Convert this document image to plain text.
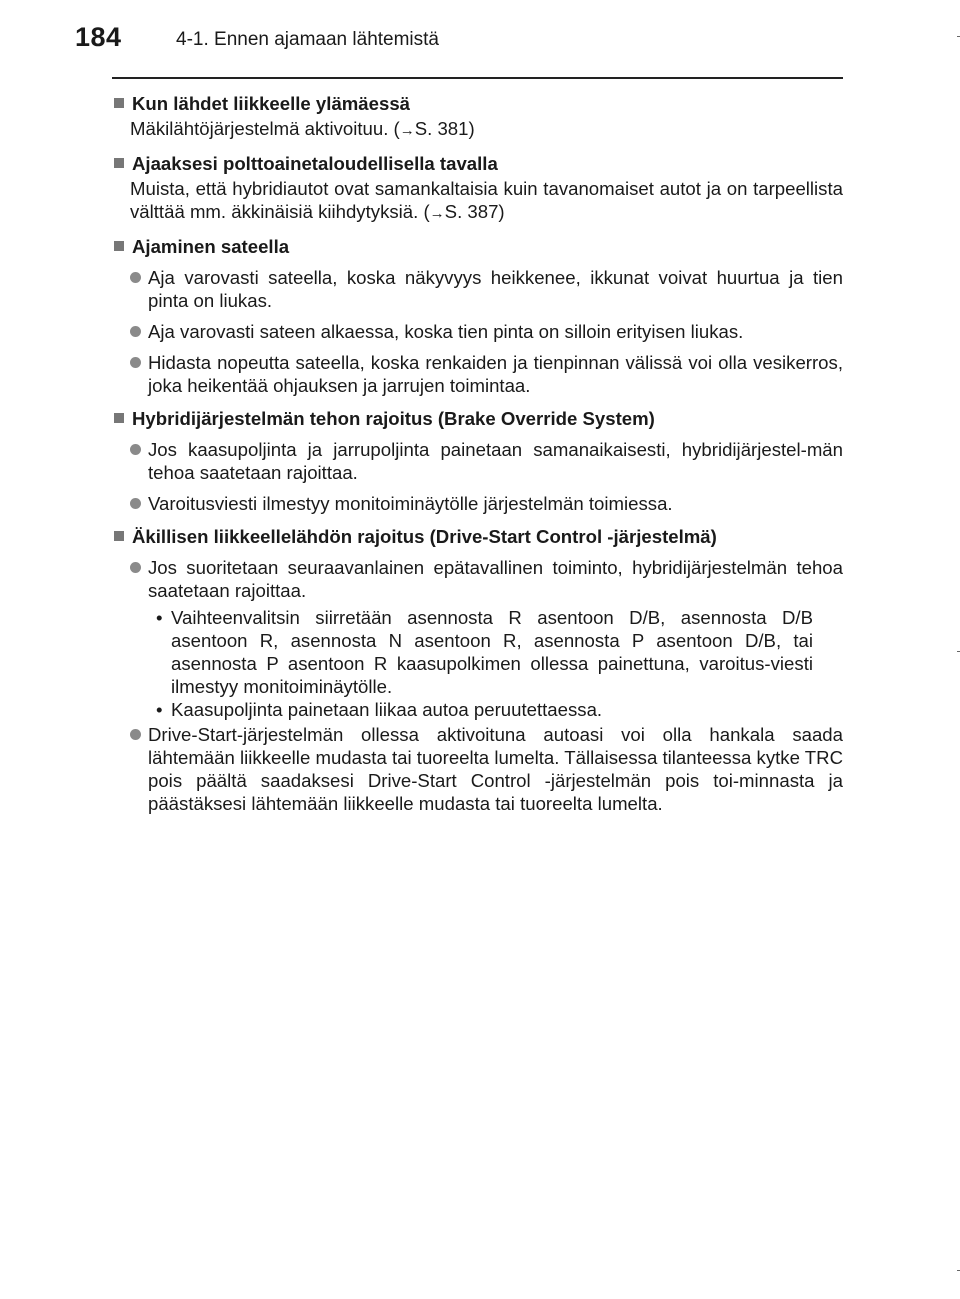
184	4-1. Ennen ajamaan lähtemistä
Kun lähdet liikkeelle ylämäessä
Mäkilähtöjärjestelmä aktivoituu. (→S. 381)
Ajaaksesi polttoainetaloudellisella tavalla
Muista, että hybridiautot ovat samankaltaisia kuin tavanomaiset autot ja on tarpeellista välttää mm. äkkinäisiä kiihdytyksiä. (→S. 387)
Ajaminen sateella
Aja varovasti sateella, koska näkyvyys heikkenee, ikkunat voivat huurtua ja tien pinta on liukas.
Aja varovasti sateen alkaessa, koska tien pinta on silloin erityisen liukas.
Hidasta nopeutta sateella, koska renkaiden ja tienpinnan välissä voi olla vesikerros, joka heikentää ohjauksen ja jarrujen toimintaa.
Hybridijärjestelmän tehon rajoitus (Brake Override System)
Jos kaasupoljinta ja jarrupoljinta painetaan samanaikaisesti, hybridijärjestel-män tehoa saatetaan rajoittaa.
Varoitusviesti ilmestyy monitoiminäytölle järjestelmän toimiessa.
Äkillisen liikkeellelähdön rajoitus (Drive-Start Control -järjestelmä)
Jos suoritetaan seuraavanlainen epätavallinen toiminto, hybridijärjestelmän tehoa saatetaan rajoittaa.
• Vaihteenvalitsin siirretään asennosta R asentoon D/B, asennosta D/B asentoon R, asennosta N asentoon R, asennosta P asentoon D/B, tai asennosta P asentoon R kaasupolkimen ollessa painettuna, varoitus-viesti ilmestyy monitoiminäytölle.
• Kaasupoljinta painetaan liikaa autoa peruutettaessa.
Drive-Start-järjestelmän ollessa aktivoituna autoasi voi olla hankala saada lähtemään liikkeelle mudasta tai tuoreelta lumelta. Tällaisessa tilanteessa kytke TRC pois päältä saadaksesi Drive-Start Control -järjestelmän pois toi-minnasta ja päästäksesi lähtemään liikkeelle mudasta tai tuoreelta lumelta.
